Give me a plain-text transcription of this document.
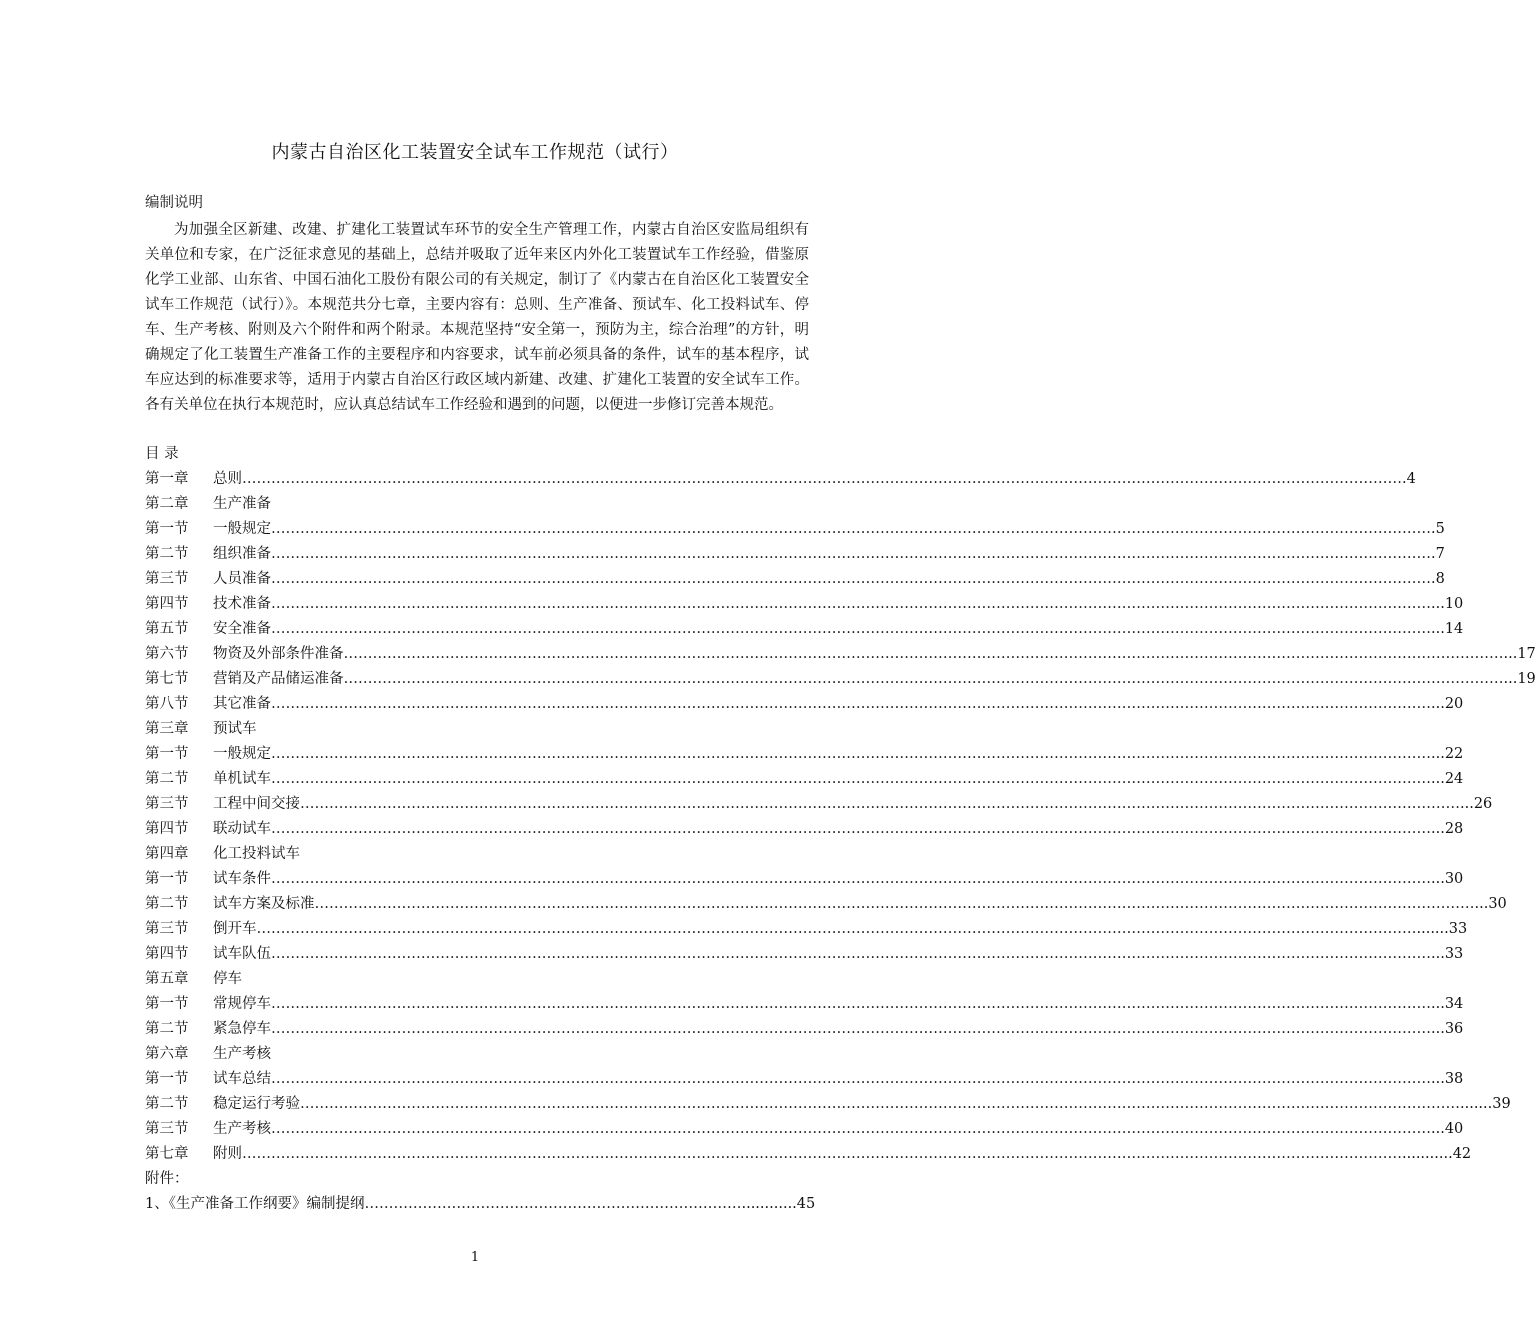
内蒙古自治区化工装置安全试车工作规范（试行）
编制说明
为加强全区新建、改建、扩建化工装置试车环节的安全生产管理工作，内蒙古自治区安监局组织有关单位和专家，在广泛征求意见的基础上，总结并吸取了近年来区内外化工装置试车工作经验，借鉴原化学工业部、山东省、中国石油化工股份有限公司的有关规定，制订了《内蒙古在自治区化工装置安全试车工作规范（试行）》。本规范共分七章，主要内容有：总则、生产准备、预试车、化工投料试车、停车、生产考核、附则及六个附件和两个附录。本规范坚持“安全第一，预防为主，综合治理”的方针，明确规定了化工装置生产准备工作的主要程序和内容要求，试车前必须具备的条件，试车的基本程序，试车应达到的标准要求等，适用于内蒙古自治区行政区域内新建、改建、扩建化工装置的安全试车工作。各有关单位在执行本规范时，应认真总结试车工作经验和遇到的问题，以便进一步修订完善本规范。
目 录
第一章	总则 …………………………………………………………………………………………………………………………………………………………………………………………………………………… .4
第二章	生产准备
第一节	一般规定 …………………………………………………………………………………………………………………………………………………………………………………………………………………… .5
第二节	组织准备 …………………………………………………………………………………………………………………………………………………………………………………………………………………… .7
第三节	人员准备 …………………………………………………………………………………………………………………………………………………………………………………………………………………… .8
第四节	技术准备 …………………………………………………………………………………………………………………………………………………………………………………………………………………… ...10
第五节	安全准备 …………………………………………………………………………………………………………………………………………………………………………………………………………………… ...14
第六节	物资及外部条件准备 …………………………………………………………………………………………………………………………………………………………………………………………………………………… ...17
第七节	营销及产品储运准备 …………………………………………………………………………………………………………………………………………………………………………………………………………………… ...19
第八节	其它准备 …………………………………………………………………………………………………………………………………………………………………………………………………………………… ...20
第三章	预试车
第一节	一般规定 …………………………………………………………………………………………………………………………………………………………………………………………………………………… ...22
第二节	单机试车 …………………………………………………………………………………………………………………………………………………………………………………………………………………… ...24
第三节	工程中间交接 …………………………………………………………………………………………………………………………………………………………………………………………………………………… ...26
第四节	联动试车 …………………………………………………………………………………………………………………………………………………………………………………………………………………… ...28
第四章	化工投料试车
第一节	试车条件 …………………………………………………………………………………………………………………………………………………………………………………………………………………… ...30
第二节	试车方案及标准 …………………………………………………………………………………………………………………………………………………………………………………………………………………… ...30
第三节	倒开车 …………………………………………………………………………………………………………………………………………………………………………………………………………………… .......33
第四节	试车队伍 …………………………………………………………………………………………………………………………………………………………………………………………………………………… ...33
第五章	停车
第一节	常规停车 …………………………………………………………………………………………………………………………………………………………………………………………………………………… ...34
第二节	紧急停车 …………………………………………………………………………………………………………………………………………………………………………………………………………………… ...36
第六章	生产考核
第一节	试车总结 …………………………………………………………………………………………………………………………………………………………………………………………………………………… ...38
第二节	稳定运行考验 …………………………………………………………………………………………………………………………………………………………………………………………………………………… .......39
第三节	生产考核 …………………………………………………………………………………………………………………………………………………………………………………………………………………… ...40
第七章	附则 …………………………………………………………………………………………………………………………………………………………………………………………………………………… ...........42
附件：
1、《生产准备工作纲要》编制提纲 …………………………………………………………………… ............45
1
